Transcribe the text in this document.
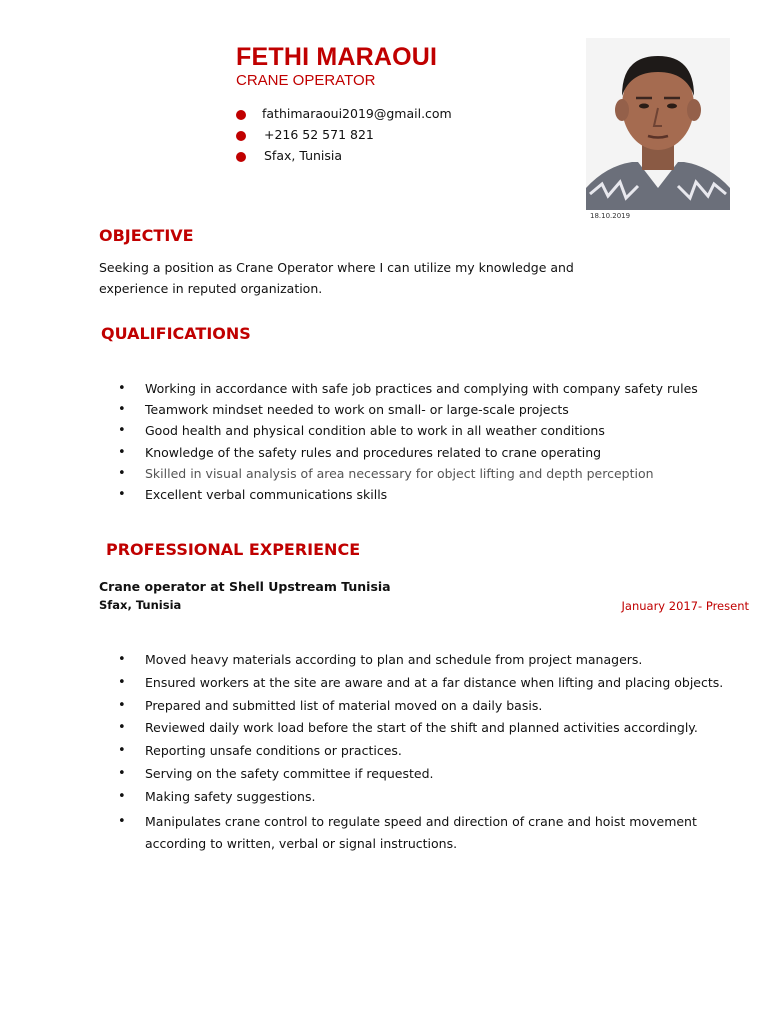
FETHI MARAOUI

CRANE OPERATOR

fathimaraoui2019@gmail.com
+216 52 571 821
Sfax, Tunisia
18.10.2019
OBJECTIVE

Seeking a position as Crane Operator where I can utilize my knowledge and experience in reputed organization.

QUALIFICATIONS
• Working in accordance with safe job practices and complying with company safety rules
• Teamwork mindset needed to work on small- or large-scale projects
• Good health and physical condition able to work in all weather conditions
• Knowledge of the safety rules and procedures related to crane operating
• Skilled in visual analysis of area necessary for object lifting and depth perception
• Excellent verbal communications skills
PROFESSIONAL EXPERIENCE

Crane operator at Shell Upstream Tunisia

Sfax, Tunisia	January 2017- Present

• Moved heavy materials according to plan and schedule from project managers.
• Ensured workers at the site are aware and at a far distance when lifting and placing objects.
• Prepared and submitted list of material moved on a daily basis.
• Reviewed daily work load before the start of the shift and planned activities accordingly.
• Reporting unsafe conditions or practices.
• Serving on the safety committee if requested.
• Making safety suggestions.
• Manipulates crane control to regulate speed and direction of crane and hoist movement according to written, verbal or signal instructions.
